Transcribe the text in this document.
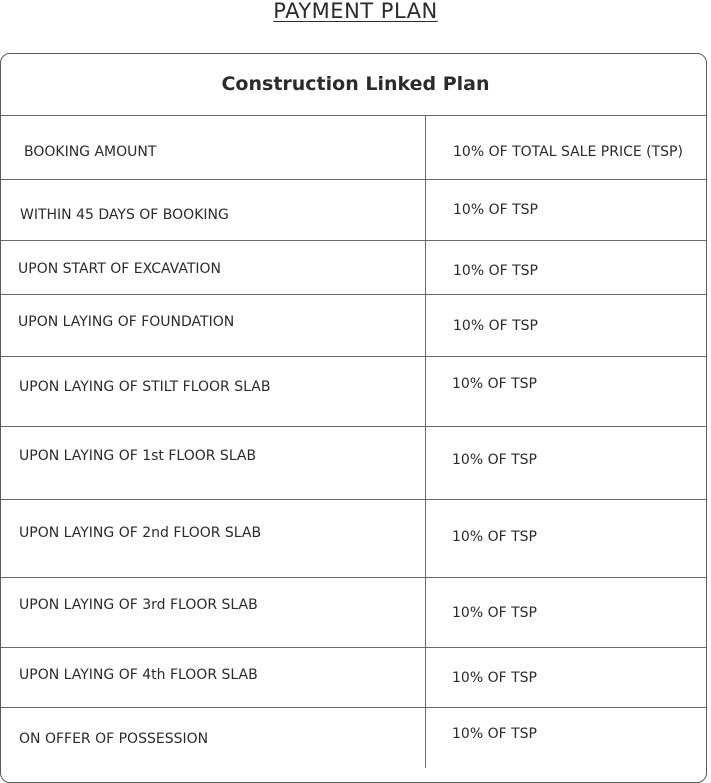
PAYMENT PLAN
Construction Linked Plan
BOOKING AMOUNT
WITHIN 45 DAYS OF BOOKING
UPON START OF EXCAVATION
UPON LAYING OF FOUNDATION
UPON LAYING OF STILT FLOOR SLAB
UPON LAYING OF 1st FLOOR SLAB
UPON LAYING OF 2nd FLOOR SLAB
UPON LAYING OF 3rd FLOOR SLAB
UPON LAYING OF 4th FLOOR SLAB
ON OFFER OF POSSESSION
10% OF TOTAL SALE PRICE (TSP)
10% OF TSP
10% OF TSP
10% OF TSP
10% OF TSP
10% OF TSP
10% OF TSP
10% OF TSP
10% OF TSP
10% OF TSP
